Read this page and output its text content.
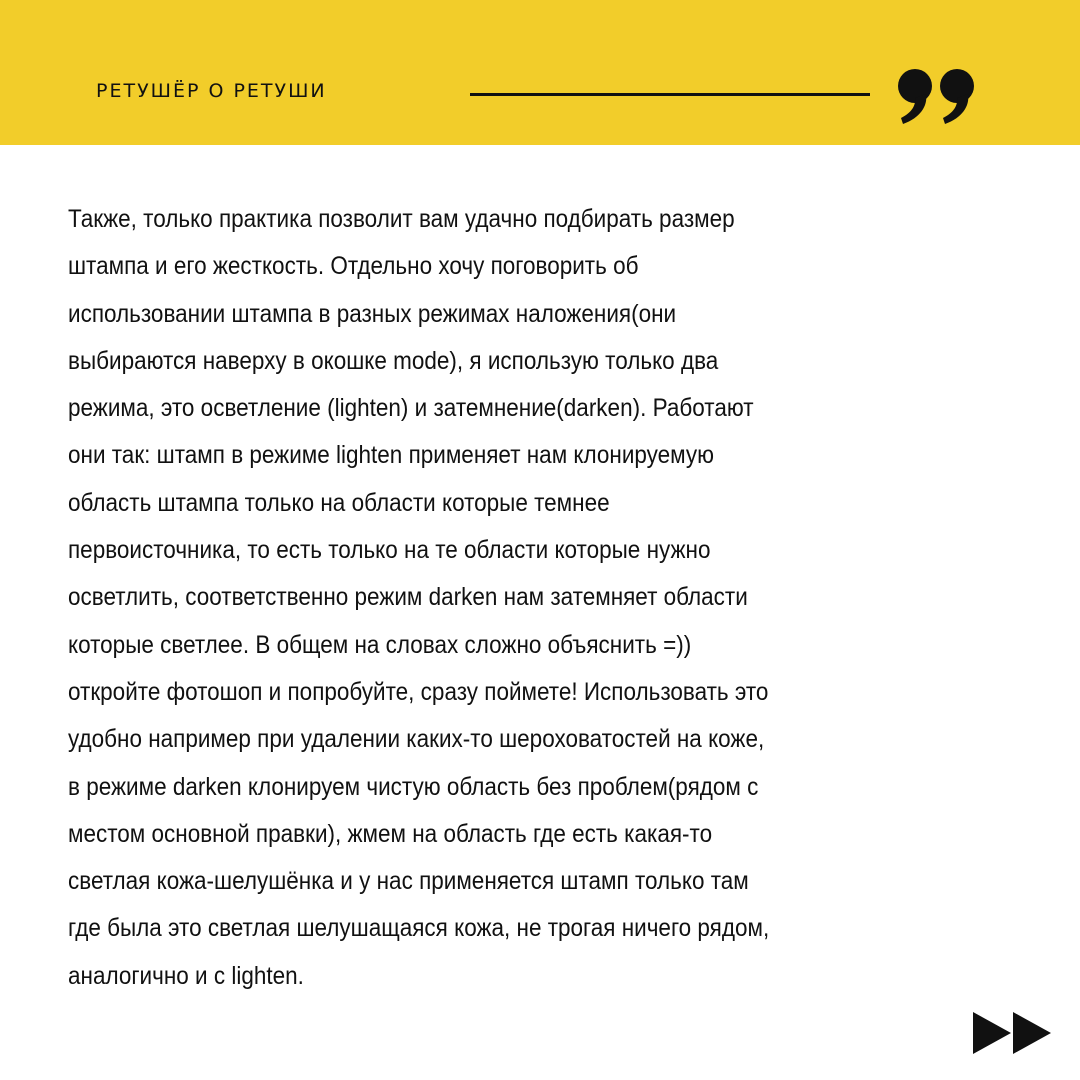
РЕТУШЁР О РЕТУШИ
Также, только практика позволит вам удачно подбирать размер
штампа и его жесткость. Отдельно хочу поговорить об
использовании штампа в разных режимах наложения(они
выбираются наверху в окошке mode), я использую только два
режима, это осветление (lighten) и затемнение(darken). Работают
они так: штамп в режиме lighten применяет нам клонируемую
область штампа только на области которые темнее
первоисточника, то есть только на те области которые нужно
осветлить, соответственно режим darken нам затемняет области
которые светлее. В общем на словах сложно объяснить =))
откройте фотошоп и попробуйте, сразу поймете! Использовать это
удобно например при удалении каких-то шероховатостей на коже,
в режиме darken клонируем чистую область без проблем(рядом с
местом основной правки), жмем на область где есть какая-то
светлая кожа-шелушёнка и у нас применяется штамп только там
где была это светлая шелушащаяся кожа, не трогая ничего рядом,
аналогично и с lighten.
